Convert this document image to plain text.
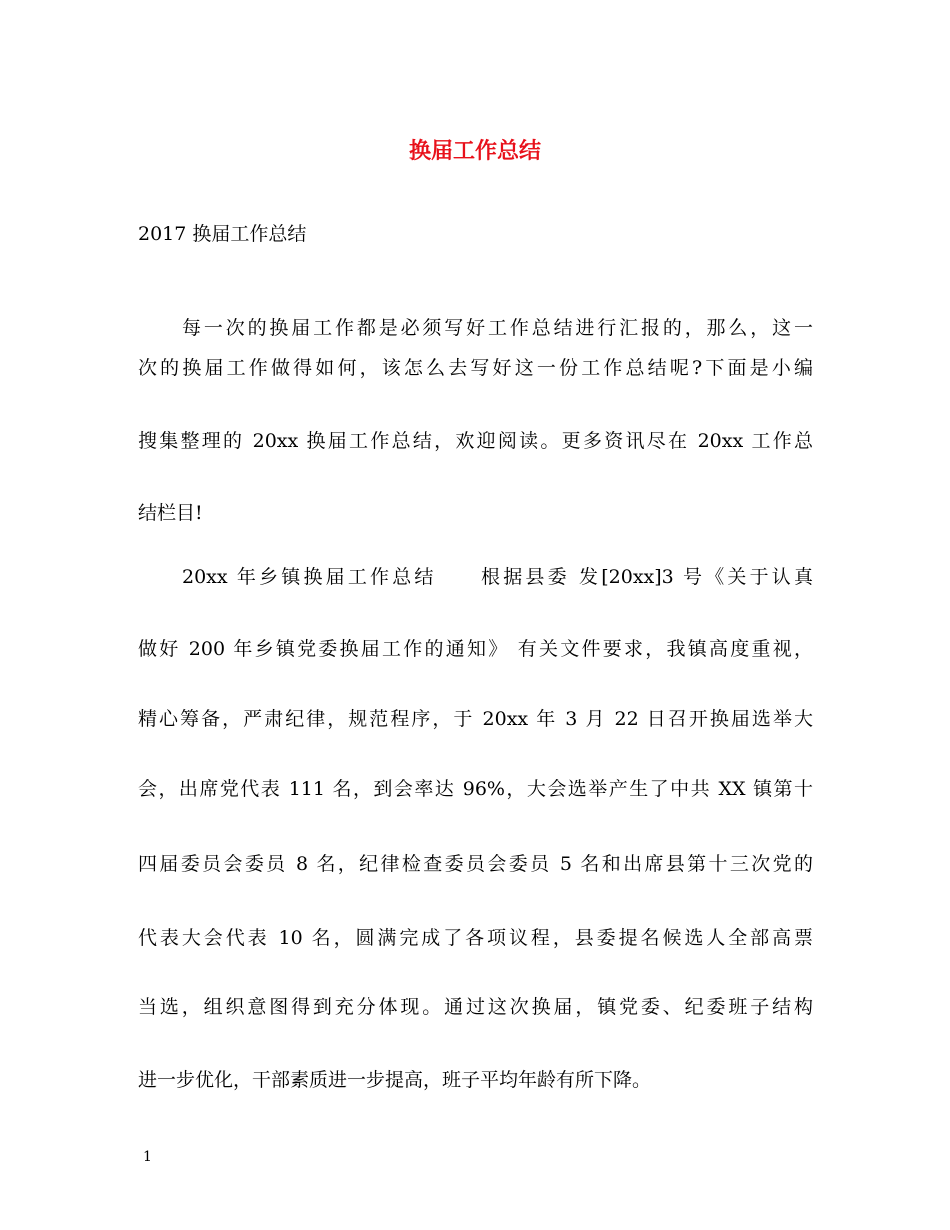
换届工作总结
2017 换届工作总结
每一次的换届工作都是必须写好工作总结进行汇报的，那么，这一
次的换届工作做得如何，该怎么去写好这一份工作总结呢?下面是小编
搜集整理的 20xx 换届工作总结，欢迎阅读。更多资讯尽在 20xx 工作总
结栏目!
20xx 年乡镇换届工作总结　　根据县委 发[20xx]3 号《关于认真
做好 200 年乡镇党委换届工作的通知》 有关文件要求，我镇高度重视，
精心筹备，严肃纪律，规范程序，于 20xx 年 3 月 22 日召开换届选举大
会，出席党代表 111 名，到会率达 96%，大会选举产生了中共 XX 镇第十
四届委员会委员 8 名，纪律检查委员会委员 5 名和出席县第十三次党的
代表大会代表 10 名，圆满完成了各项议程，县委提名候选人全部高票
当选，组织意图得到充分体现。通过这次换届，镇党委、纪委班子结构
进一步优化，干部素质进一步提高，班子平均年龄有所下降。
1
